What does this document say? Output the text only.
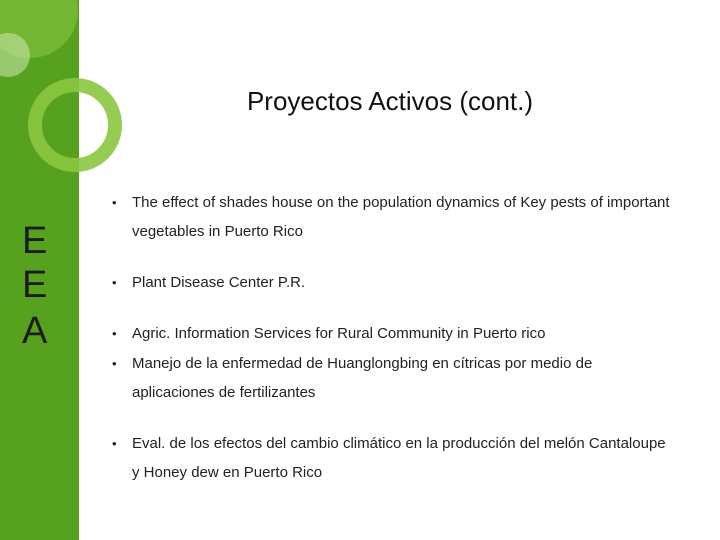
E
E
A
Proyectos Activos (cont.)
• The effect of shades house on the population dynamics of Key pests of important vegetables in Puerto Rico
• Plant Disease Center P.R.
• Agric. Information Services for Rural Community in Puerto rico
• Manejo de la enfermedad de Huanglongbing en cítricas por medio de aplicaciones de fertilizantes
• Eval. de los efectos del cambio climático en la producción del melón Cantaloupe y Honey dew en Puerto Rico
